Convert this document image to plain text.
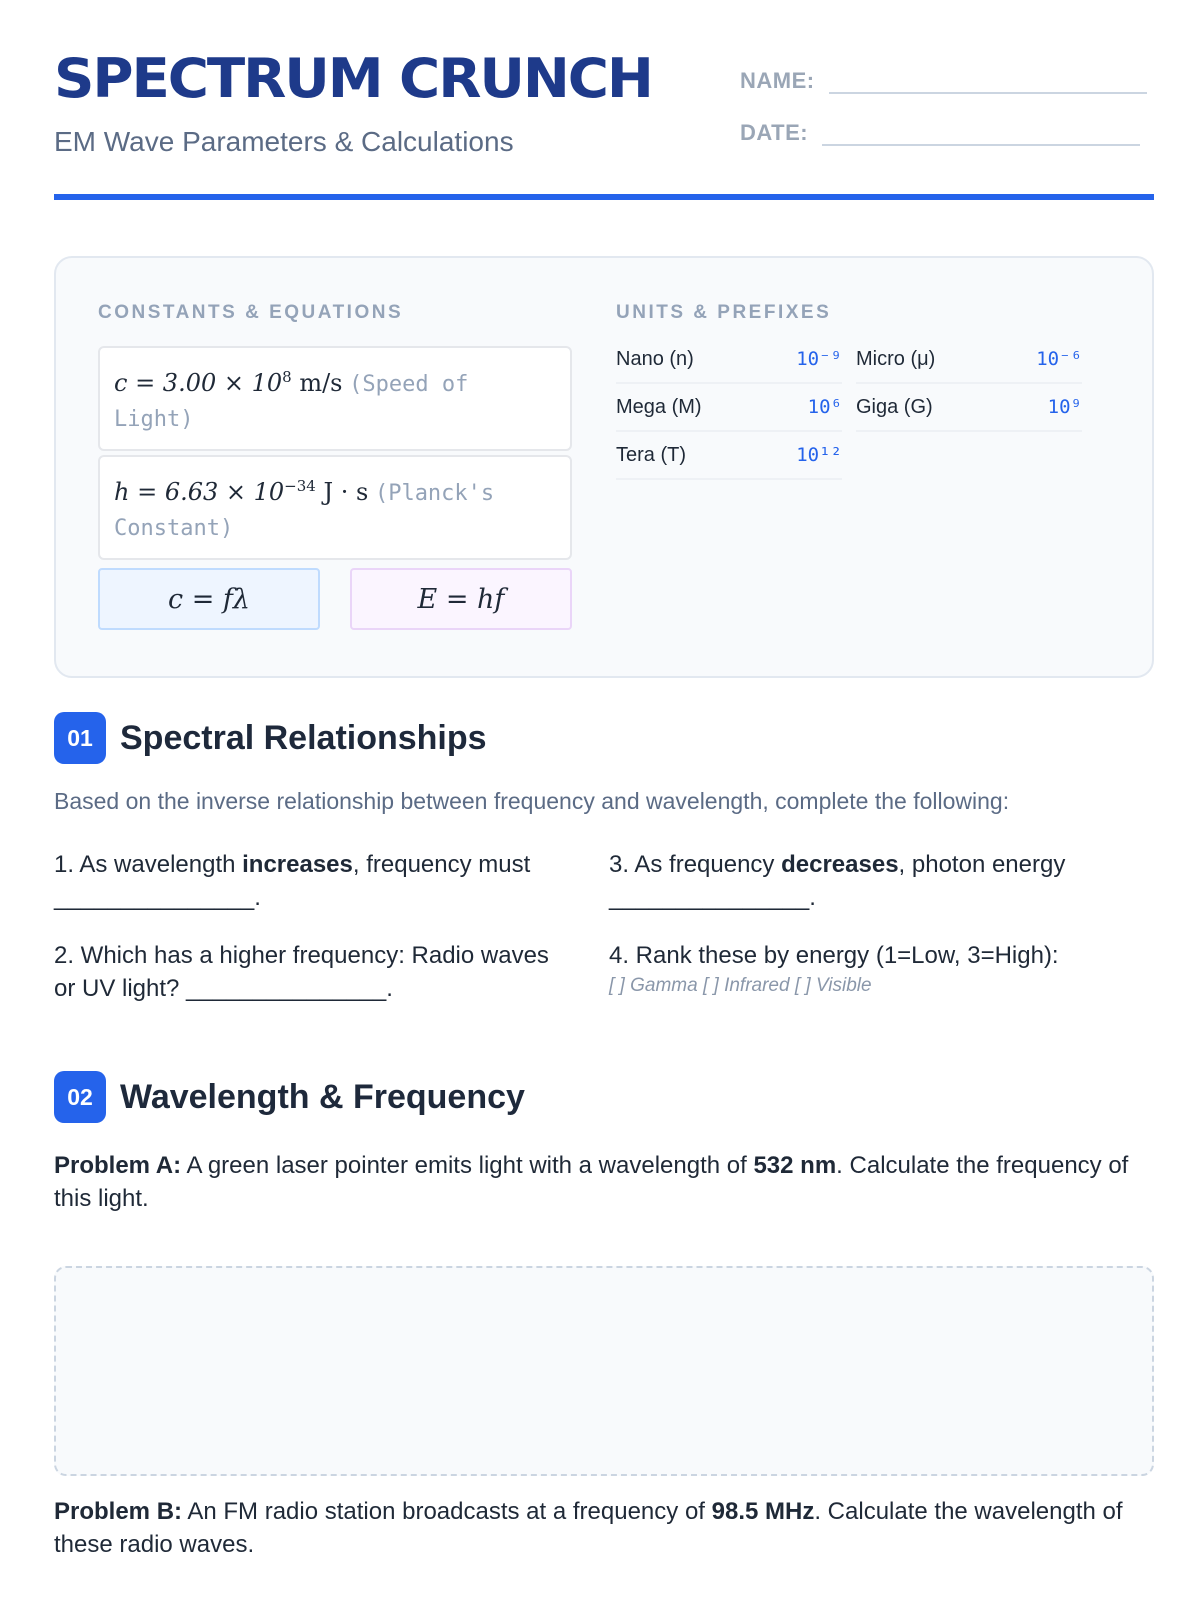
SPECTRUM CRUNCH

EM Wave Parameters & Calculations

NAME:
DATE:
CONSTANTS & EQUATIONS
$c = 3.00 \times 10^8$ m/s (Speed of Light)
$h = 6.63 \times 10^{-34}$ J · s (Planck's Constant)
c = fλ	E = hf
UNITS & PREFIXES
Nano (n)	10⁻⁹ Micro (μ)	10⁻⁶
Mega (M)	10⁶ Giga (G)	10⁹
Tera (T)	10¹²
01 Spectral Relationships

Based on the inverse relationship between frequency and wavelength, complete the following:

1. As wavelength increases, frequency must _______________.

2. Which has a higher frequency: Radio waves or UV light? _______________.

3. As frequency decreases, photon energy _______________.

4. Rank these by energy (1=Low, 3=High):
[ ] Gamma [ ] Infrared [ ] Visible

02 Wavelength & Frequency

Problem A: A green laser pointer emits light with a wavelength of 532 nm. Calculate the frequency of this light.

Problem B: An FM radio station broadcasts at a frequency of 98.5 MHz. Calculate the wavelength of these radio waves.
